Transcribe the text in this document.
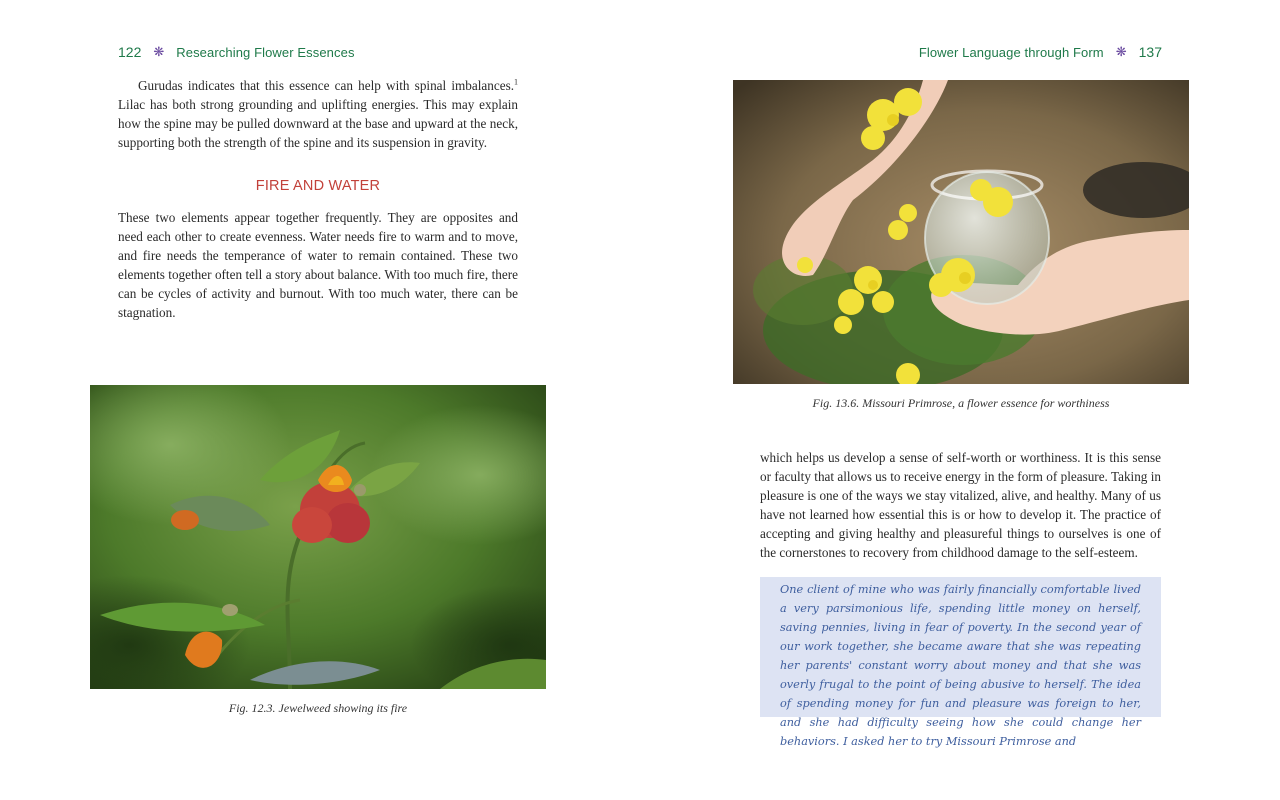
122 ❋ Researching Flower Essences

Gurudas indicates that this essence can help with spinal imbalances.$^1$ Lilac has both strong grounding and uplifting energies. This may explain how the spine may be pulled downward at the base and upward at the neck, supporting both the strength of the spine and its suspension in gravity.

FIRE AND WATER

These two elements appear together frequently. They are opposites and need each other to create evenness. Water needs fire to warm and to move, and fire needs the temperance of water to remain contained. These two elements together often tell a story about balance. With too much fire, there can be cycles of activity and burnout. With too much water, there can be stagnation.

Fig. 12.3. Jewelweed showing its fire

Flower Language through Form ❋ 137

Fig. 13.6. Missouri Primrose, a flower essence for worthiness

which helps us develop a sense of self-worth or worthiness. It is this sense or faculty that allows us to receive energy in the form of pleasure. Taking in pleasure is one of the ways we stay vitalized, alive, and healthy. Many of us have not learned how essential this is or how to develop it. The practice of accepting and giving healthy and pleasureful things to ourselves is one of the cornerstones to recovery from childhood damage to the self-esteem.

One client of mine who was fairly financially comfortable lived a very parsimonious life, spending little money on herself, saving pennies, living in fear of poverty. In the second year of our work together, she became aware that she was repeating her parents' constant worry about money and that she was overly frugal to the point of being abusive to herself. The idea of spending money for fun and pleasure was foreign to her, and she had difficulty seeing how she could change her behaviors. I asked her to try Missouri Primrose and
